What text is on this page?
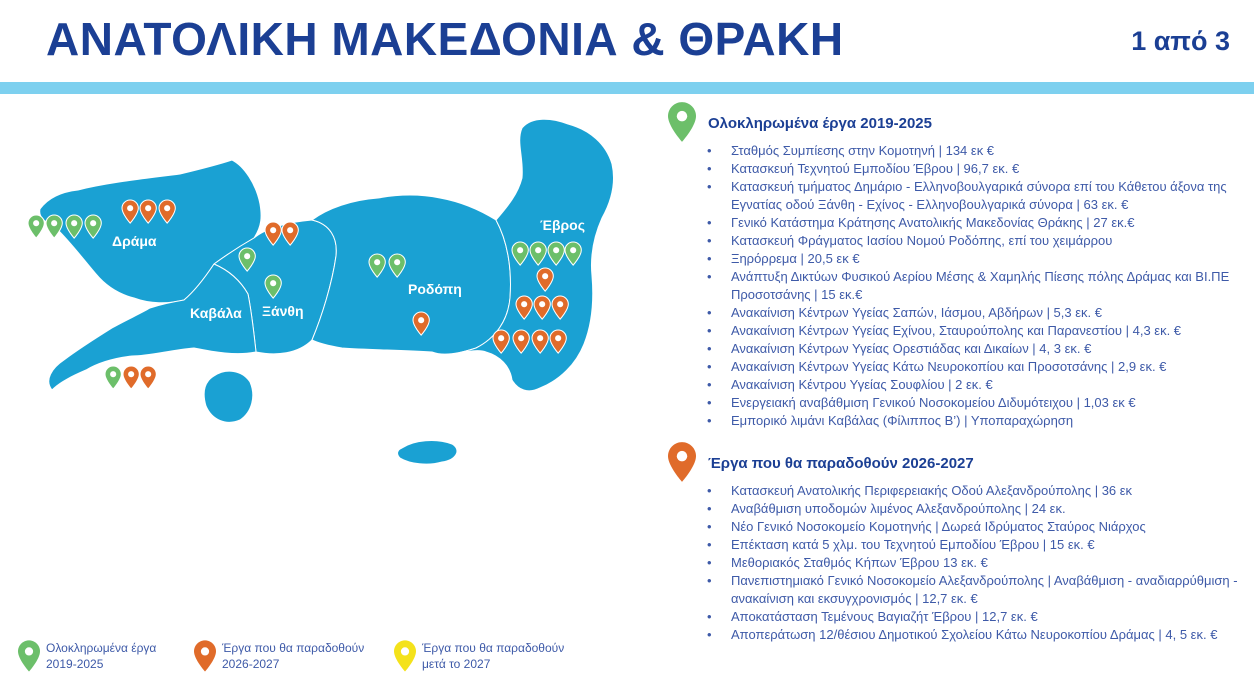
ΑΝΑΤΟΛΙΚΗ ΜΑΚΕΔΟΝΙΑ & ΘΡΑΚΗ	1 από 3
Δράμα
Καβάλα Ξάνθη
Ροδόπη
Έβρος
Ολοκληρωμένα έργα 2019-2025
• Σταθμός Συμπίεσης στην Κομοτηνή | 134 εκ €
• Κατασκευή Τεχνητού Εμποδίου Έβρου | 96,7 εκ. €
• Κατασκευή τμήματος Δημάριο - Ελληνοβουλγαρικά σύνορα επί του Κάθετου άξονα της Εγνατίας οδού Ξάνθη - Εχίνος - Ελληνοβουλγαρικά σύνορα | 63 εκ. €
• Γενικό Κατάστημα Κράτησης Ανατολικής Μακεδονίας Θράκης | 27 εκ.€
• Κατασκευή Φράγματος Ιασίου Νομού Ροδόπης, επί του χειμάρρου
• Ξηρόρρεμα | 20,5 εκ €
• Ανάπτυξη Δικτύων Φυσικού Αερίου Μέσης & Χαμηλής Πίεσης πόλης Δράμας και ΒΙ.ΠΕ Προσοτσάνης | 15 εκ.€
• Ανακαίνιση Κέντρων Υγείας Σαπών, Ιάσμου, Αβδήρων | 5,3 εκ. €
• Ανακαίνιση Κέντρων Υγείας Εχίνου, Σταυρούπολης και Παρανεστίου | 4,3 εκ. €
• Ανακαίνιση Κέντρων Υγείας Ορεστιάδας και Δικαίων | 4, 3 εκ. €
• Ανακαίνιση Κέντρων Υγείας Κάτω Νευροκοπίου και Προσοτσάνης | 2,9 εκ. €
• Ανακαίνιση Κέντρου Υγείας Σουφλίου | 2 εκ. €
• Ενεργειακή αναβάθμιση Γενικού Νοσοκομείου Διδυμότειχου | 1,03 εκ €
• Εμπορικό λιμάνι Καβάλας (Φίλιππος Β’) | Υποπαραχώρηση
Έργα που θα παραδοθούν 2026-2027
• Κατασκευή Ανατολικής Περιφερειακής Οδού Αλεξανδρούπολης | 36 εκ
• Αναβάθμιση υποδομών λιμένος Αλεξανδρούπολης | 24 εκ.
• Νέο Γενικό Νοσοκομείο Κομοτηνής | Δωρεά Ιδρύματος Σταύρος Νιάρχος
• Επέκταση κατά 5 χλμ. του Τεχνητού Εμποδίου Έβρου | 15 εκ. €
• Μεθοριακός Σταθμός Κήπων Έβρου 13 εκ. €
• Πανεπιστημιακό Γενικό Νοσοκομείο Αλεξανδρούπολης | Αναβάθμιση - αναδιαρρύθμιση - ανακαίνιση και εκσυγχρονισμός | 12,7 εκ. €
• Αποκατάσταση Τεμένους Βαγιαζήτ Έβρου | 12,7 εκ. €
• Αποπεράτωση 12/θέσιου Δημοτικού Σχολείου Κάτω Νευροκοπίου Δράμας | 4, 5 εκ. €
Ολοκληρωμένα έργα
2019-2025
Έργα που θα παραδοθούν
2026-2027
Έργα που θα παραδοθούν
μετά το 2027
